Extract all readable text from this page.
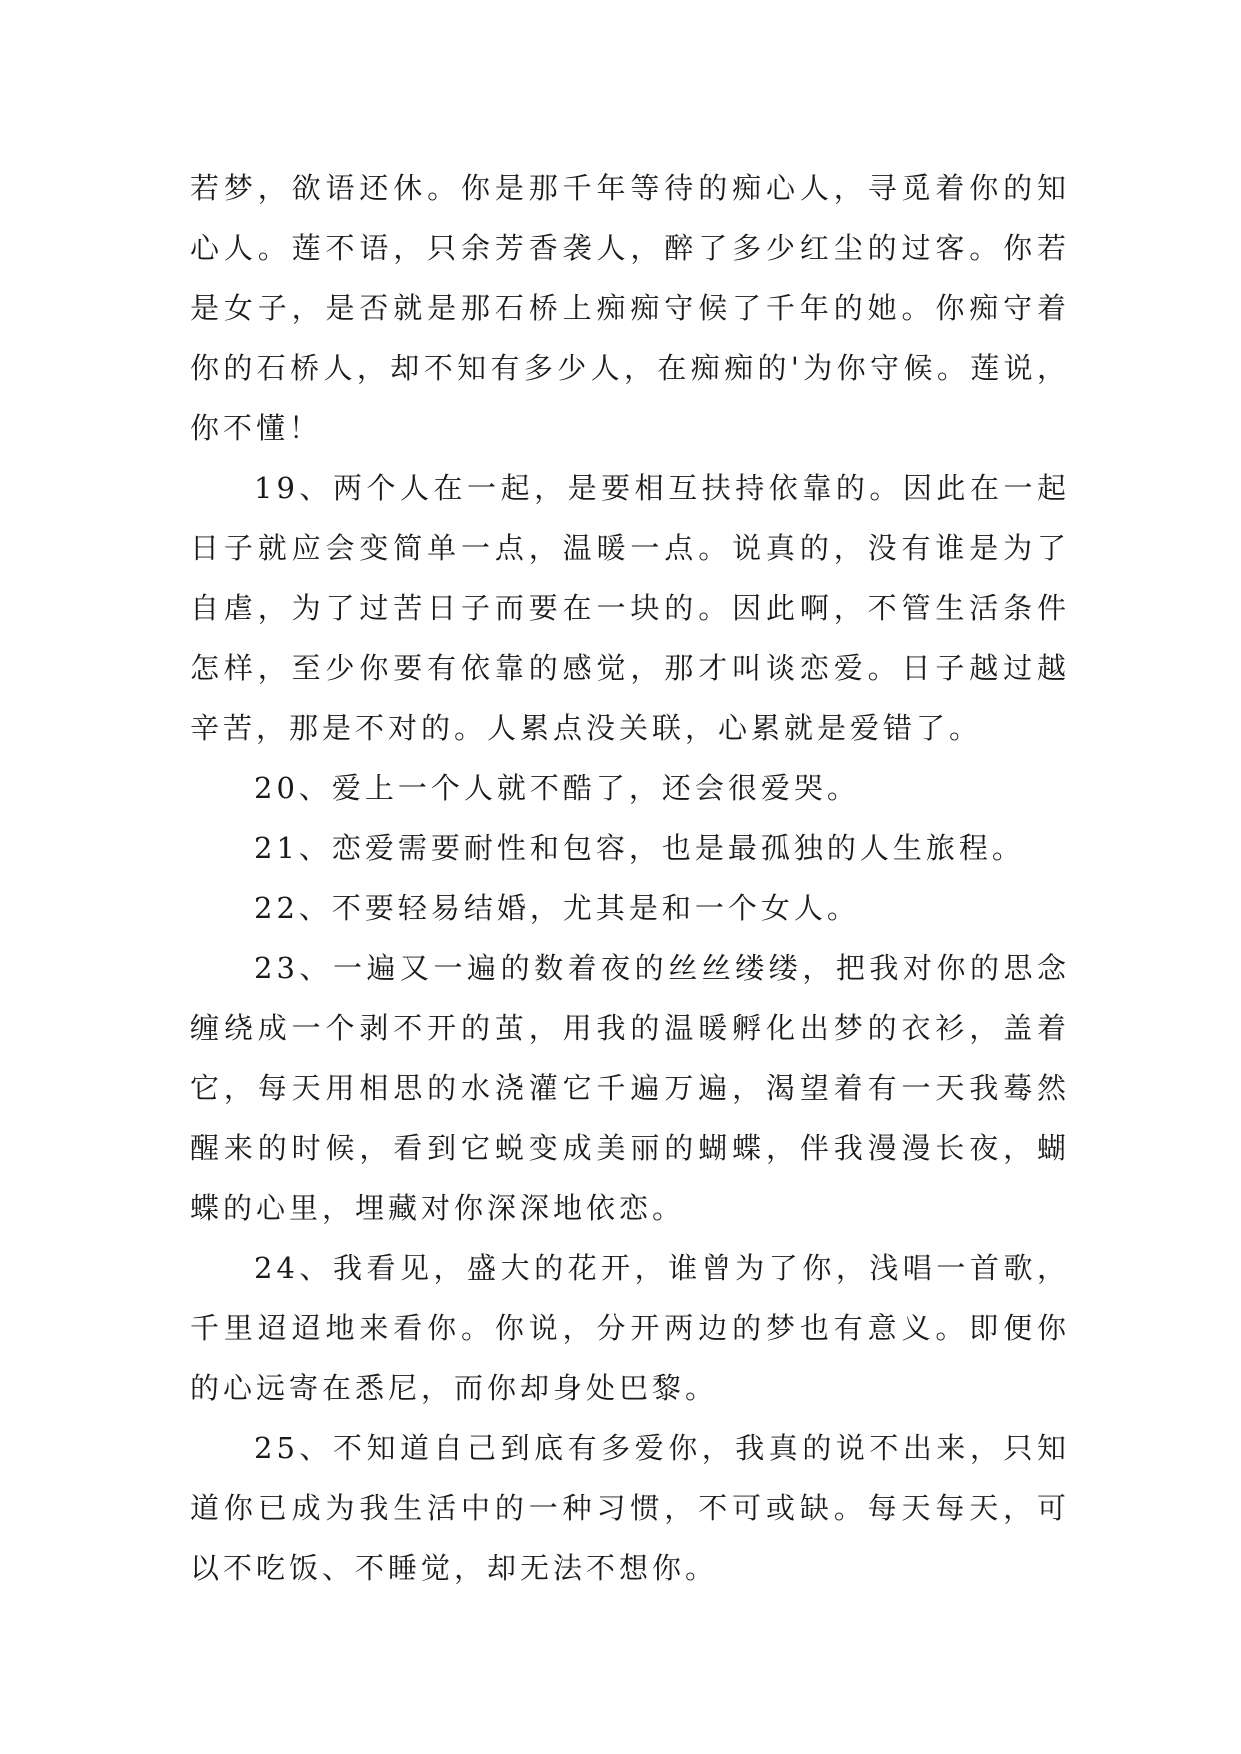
若梦，欲语还休。你是那千年等待的痴心人，寻觅着你的知心人。莲不语，只余芳香袭人，醉了多少红尘的过客。你若是女子，是否就是那石桥上痴痴守候了千年的她。你痴守着你的石桥人，却不知有多少人，在痴痴的'为你守候。莲说，你不懂！

19、两个人在一起，是要相互扶持依靠的。因此在一起日子就应会变简单一点，温暖一点。说真的，没有谁是为了自虐，为了过苦日子而要在一块的。因此啊，不管生活条件怎样，至少你要有依靠的感觉，那才叫谈恋爱。日子越过越辛苦，那是不对的。人累点没关联，心累就是爱错了。

20、爱上一个人就不酷了，还会很爱哭。

21、恋爱需要耐性和包容，也是最孤独的人生旅程。

22、不要轻易结婚，尤其是和一个女人。

23、一遍又一遍的数着夜的丝丝缕缕，把我对你的思念缠绕成一个剥不开的茧，用我的温暖孵化出梦的衣衫，盖着它，每天用相思的水浇灌它千遍万遍，渴望着有一天我蓦然醒来的时候，看到它蜕变成美丽的蝴蝶，伴我漫漫长夜，蝴蝶的心里，埋藏对你深深地依恋。

24、我看见，盛大的花开，谁曾为了你，浅唱一首歌，千里迢迢地来看你。你说，分开两边的梦也有意义。即便你的心远寄在悉尼，而你却身处巴黎。

25、不知道自己到底有多爱你，我真的说不出来，只知道你已成为我生活中的一种习惯，不可或缺。每天每天，可以不吃饭、不睡觉，却无法不想你。
